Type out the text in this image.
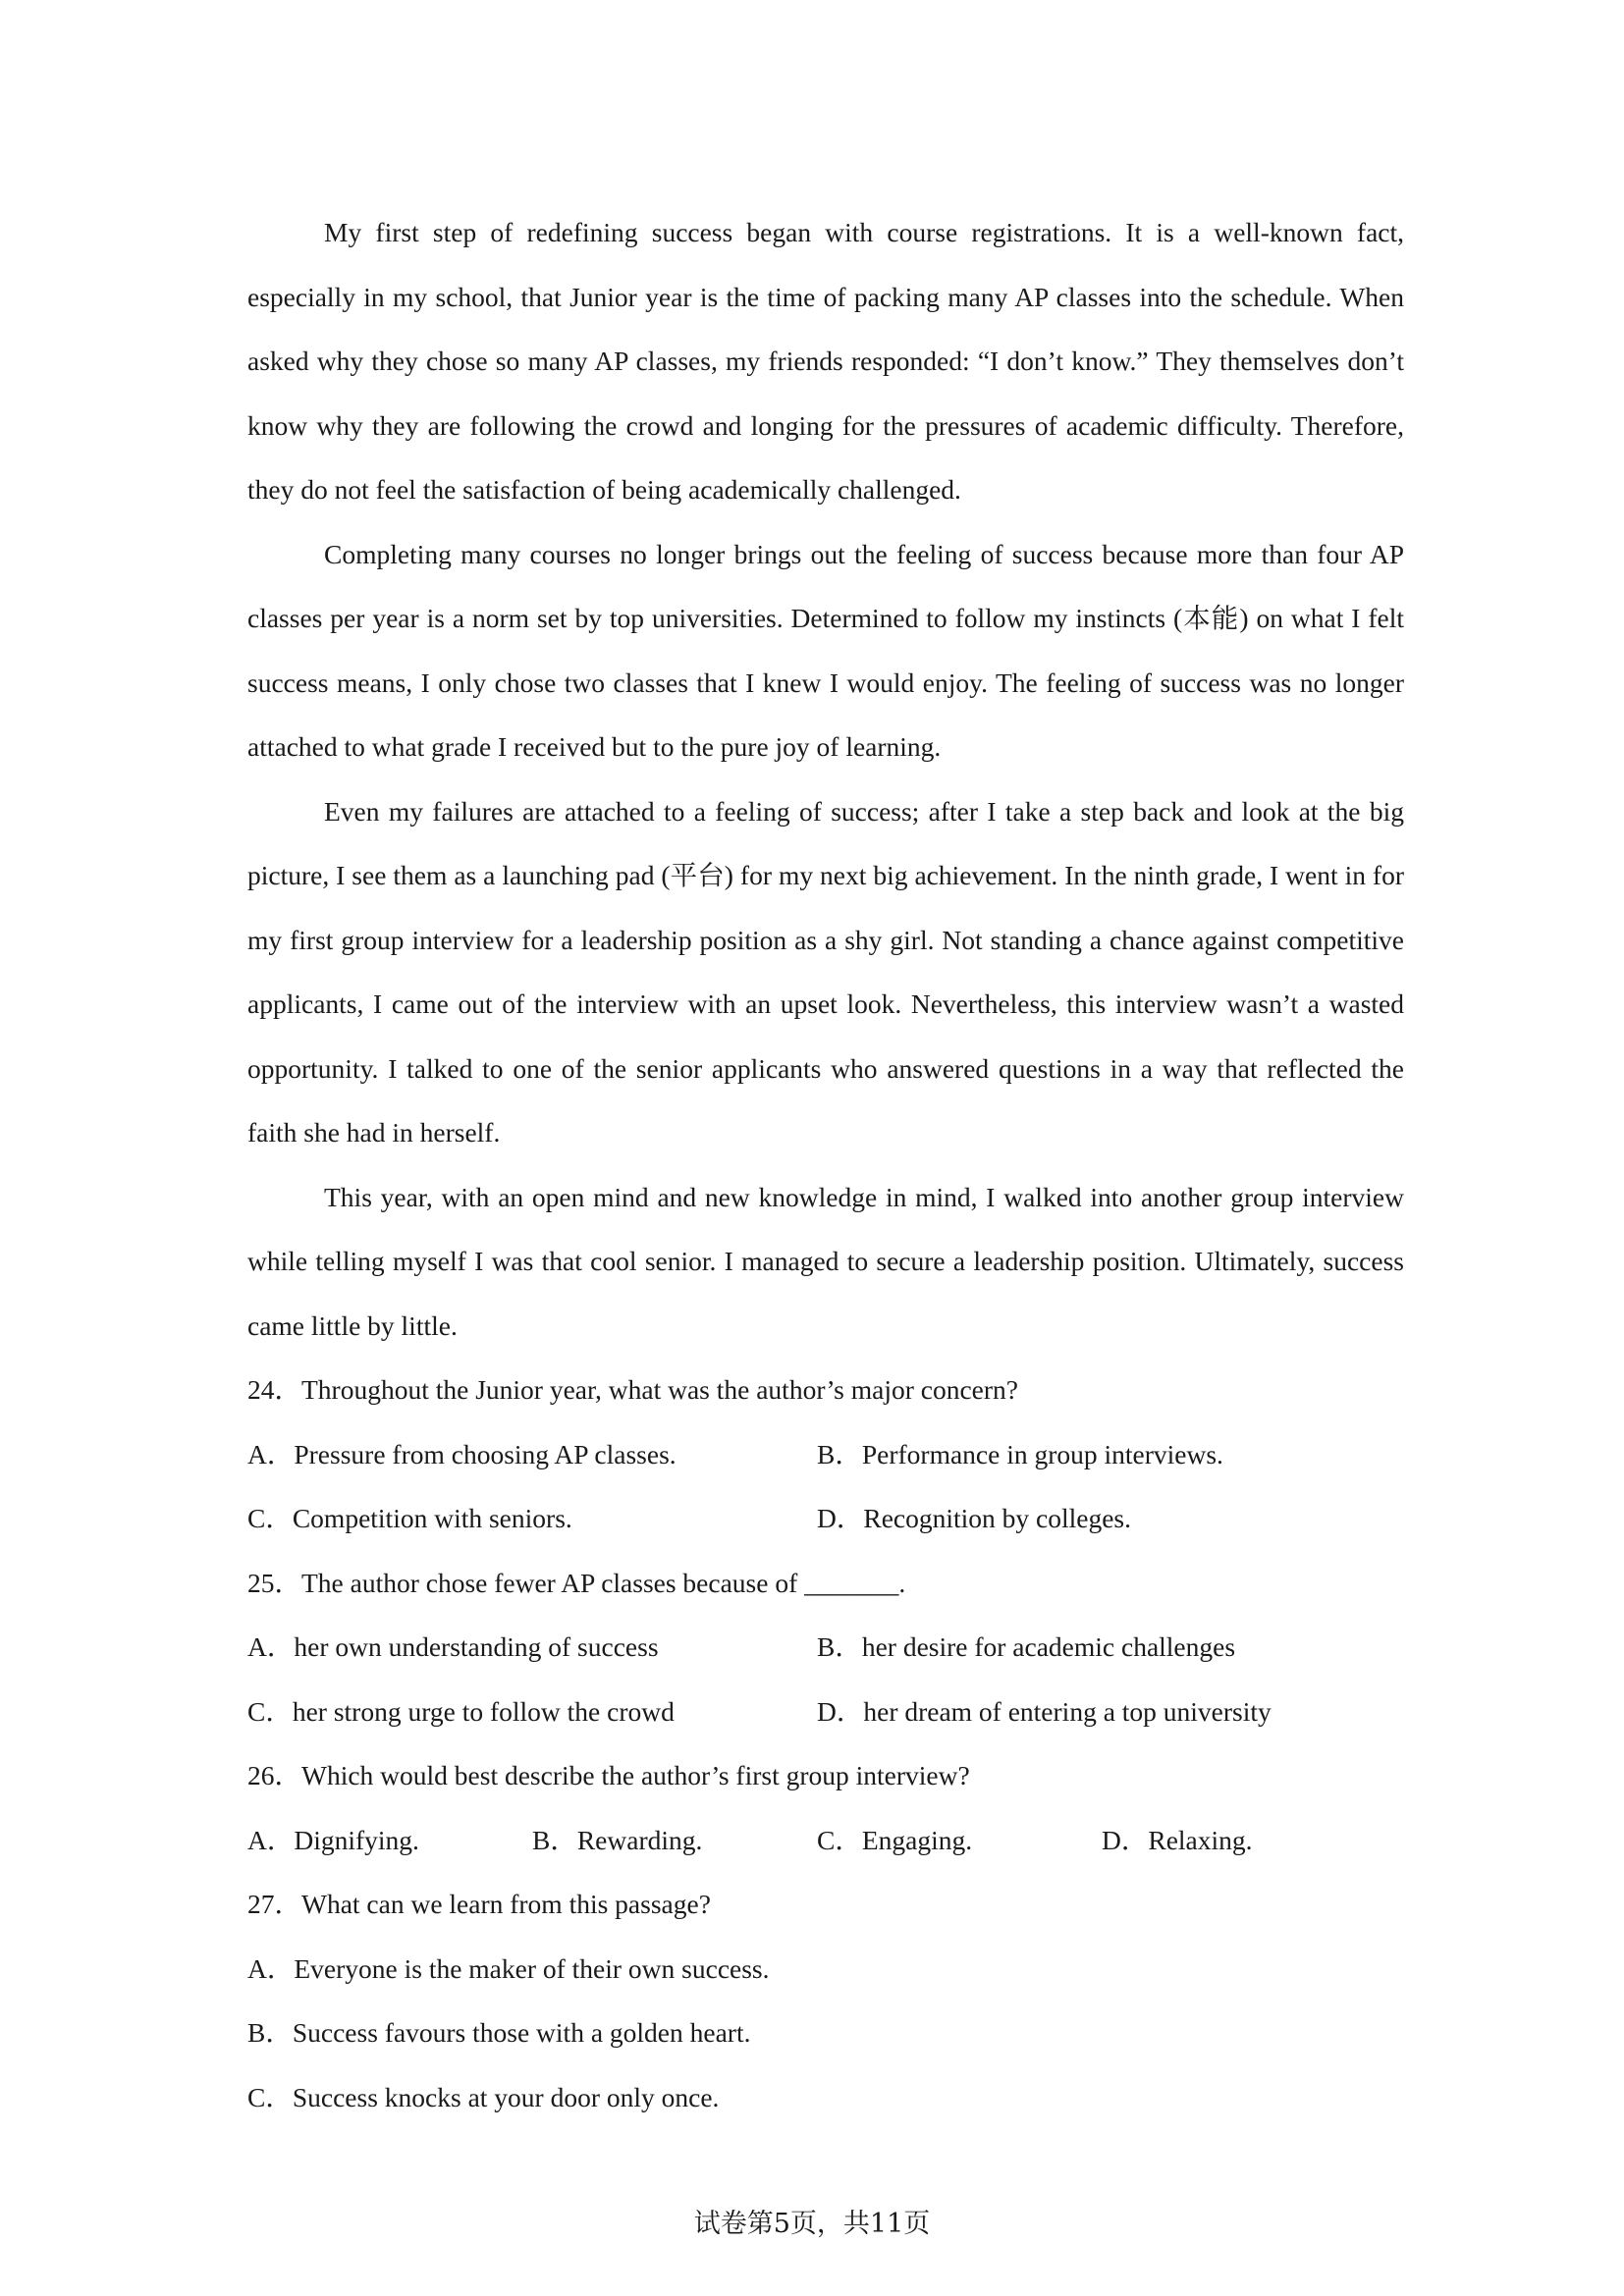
My first step of redefining success began with course registrations. It is a well-known fact, especially in my school, that Junior year is the time of packing many AP classes into the schedule. When asked why they chose so many AP classes, my friends responded: “I don’t know.” They themselves don’t know why they are following the crowd and longing for the pressures of academic difficulty. Therefore, they do not feel the satisfaction of being academically challenged.

Completing many courses no longer brings out the feeling of success because more than four AP classes per year is a norm set by top universities. Determined to follow my instincts (本能) on what I felt success means, I only chose two classes that I knew I would enjoy. The feeling of success was no longer attached to what grade I received but to the pure joy of learning.

Even my failures are attached to a feeling of success; after I take a step back and look at the big picture, I see them as a launching pad (平台) for my next big achievement. In the ninth grade, I went in for my first group interview for a leadership position as a shy girl. Not standing a chance against competitive applicants, I came out of the interview with an upset look. Nevertheless, this interview wasn’t a wasted opportunity. I talked to one of the senior applicants who answered questions in a way that reflected the faith she had in herself.

This year, with an open mind and new knowledge in mind, I walked into another group interview while telling myself I was that cool senior. I managed to secure a leadership position. Ultimately, success came little by little.

24．Throughout the Junior year, what was the author’s major concern?

A．Pressure from choosing AP classes.	B．Performance in group interviews.
C．Competition with seniors.	D．Recognition by colleges.

25．The author chose fewer AP classes because of _______.

A．her own understanding of success	B．her desire for academic challenges
C．her strong urge to follow the crowd	D．her dream of entering a top university

26．Which would best describe the author’s first group interview?

A．Dignifying.	B．Rewarding.	C．Engaging.	D．Relaxing.

27．What can we learn from this passage?

A．Everyone is the maker of their own success.
B．Success favours those with a golden heart.
C．Success knocks at your door only once.
试卷第5页，共11页
